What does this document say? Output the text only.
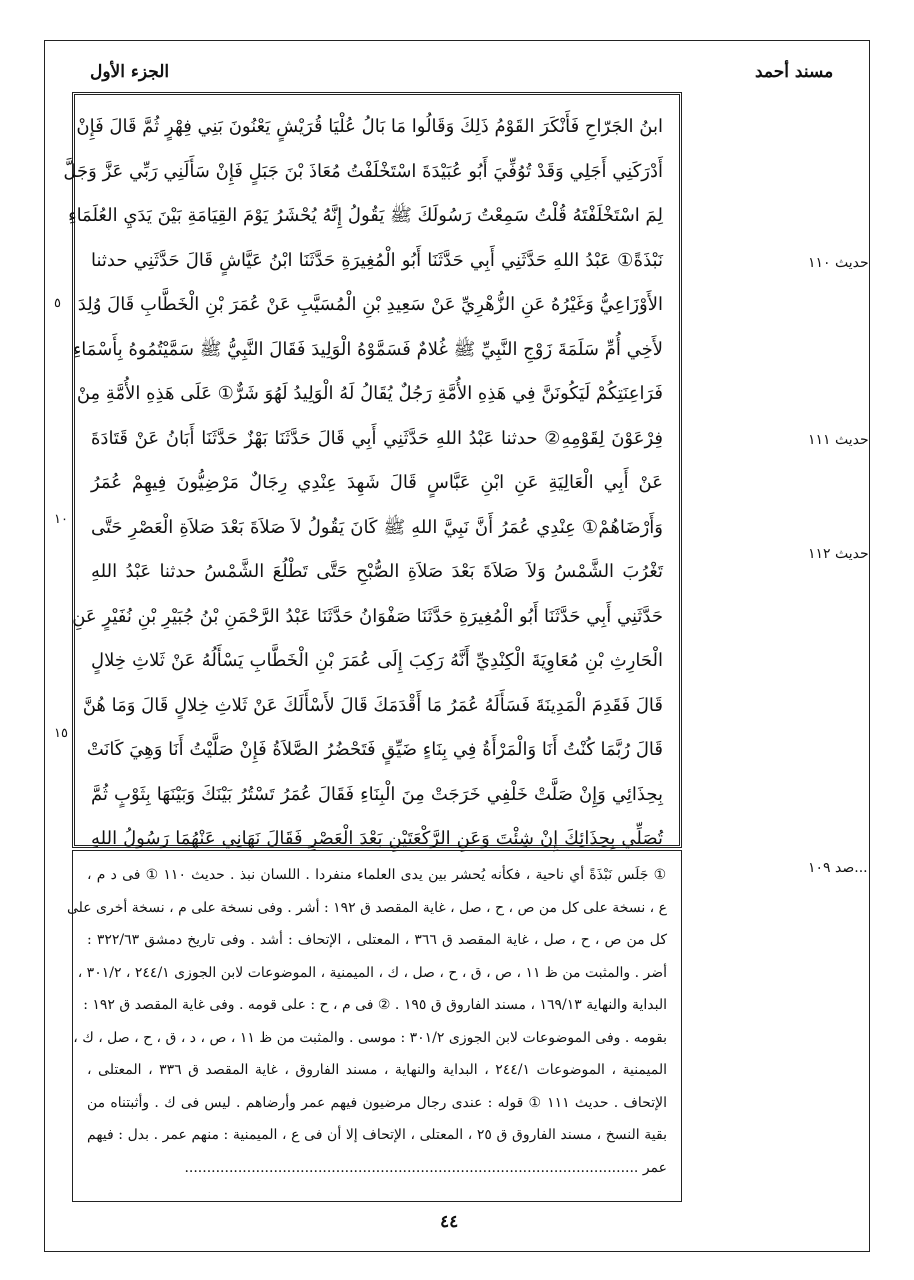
الجزء الأول	مسند أحمد
ابنُ الجَرّاحِ فَأَنْكَرَ القَوْمُ ذَلِكَ وَقَالُوا مَا بَالُ عُلْيَا قُرَيْشٍ يَعْنُونَ بَنِي فِهْرٍ ثُمَّ قَالَ فَإِنْ
أَدْرَكَنِي أَجَلِي وَقَدْ تُوُفِّيَ أَبُو عُبَيْدَةَ اسْتَخْلَفْتُ مُعَاذَ بْنَ جَبَلٍ فَإِنْ سَأَلَنِي رَبِّي عَزَّ وَجَلَّ
لِمَ اسْتَخْلَفْتَهُ قُلْتُ سَمِعْتُ رَسُولَكَ ﷺ يَقُولُ إِنَّهُ يُحْشَرُ يَوْمَ القِيَامَةِ بَيْنَ يَدَيِ العُلَمَاءِ
نَبْذَةً① عَبْدُ اللهِ حَدَّثَنِي أَبِي حَدَّثَنَا أَبُو الْمُغِيرَةِ حَدَّثَنَا ابْنُ عَيَّاشٍ قَالَ حَدَّثَنِي حدثنا
الأَوْزَاعِيُّ وَغَيْرُهُ عَنِ الزُّهْرِيِّ عَنْ سَعِيدِ بْنِ الْمُسَيَّبِ عَنْ عُمَرَ بْنِ الْخَطَّابِ قَالَ وُلِدَ
لأَخِي أُمِّ سَلَمَةَ زَوْجِ النَّبِيِّ ﷺ غُلامٌ فَسَمَّوْهُ الْوَلِيدَ فَقَالَ النَّبِيُّ ﷺ سَمَّيْتُمُوهُ بِأَسْمَاءِ
فَرَاعِنَتِكُمْ لَيَكُونَنَّ فِي هَذِهِ الأُمَّةِ رَجُلٌ يُقَالُ لَهُ الْوَلِيدُ لَهُوَ شَرٌّ① عَلَى هَذِهِ الأُمَّةِ مِنْ
فِرْعَوْنَ لِقَوْمِهِ② حدثنا عَبْدُ اللهِ حَدَّثَنِي أَبِي قَالَ حَدَّثَنَا بَهْزٌ حَدَّثَنَا أَبَانُ عَنْ قَتَادَةَ
عَنْ أَبِي الْعَالِيَةِ عَنِ ابْنِ عَبَّاسٍ قَالَ شَهِدَ عِنْدِي رِجَالٌ مَرْضِيُّونَ فِيهِمْ عُمَرُ
وَأَرْضَاهُمْ① عِنْدِي عُمَرُ أَنَّ نَبِيَّ اللهِ ﷺ كَانَ يَقُولُ لاَ صَلاَةَ بَعْدَ صَلاَةِ الْعَصْرِ حَتَّى
تَغْرُبَ الشَّمْسُ وَلاَ صَلاَةَ بَعْدَ صَلاَةِ الصُّبْحِ حَتَّى تَطْلُعَ الشَّمْسُ حدثنا عَبْدُ اللهِ
حَدَّثَنِي أَبِي حَدَّثَنَا أَبُو الْمُغِيرَةِ حَدَّثَنَا صَفْوَانُ حَدَّثَنَا عَبْدُ الرَّحْمَنِ بْنُ جُبَيْرِ بْنِ نُفَيْرٍ عَنِ
الْحَارِثِ بْنِ مُعَاوِيَةَ الْكِنْدِيِّ أَنَّهُ رَكِبَ إِلَى عُمَرَ بْنِ الْخَطَّابِ يَسْأَلُهُ عَنْ ثَلاثِ خِلالٍ
قَالَ فَقَدِمَ الْمَدِينَةَ فَسَأَلَهُ عُمَرُ مَا أَقْدَمَكَ قَالَ لأَسْأَلَكَ عَنْ ثَلاثِ خِلالٍ قَالَ وَمَا هُنَّ
قَالَ رُبَّمَا كُنْتُ أَنَا وَالْمَرْأَةُ فِي بِنَاءٍ ضَيِّقٍ فَتَحْضُرُ الصَّلاَةُ فَإِنْ صَلَّيْتُ أَنَا وَهِيَ كَانَتْ
بِحِذَائِي وَإِنْ صَلَّتْ خَلْفِي خَرَجَتْ مِنَ الْبِنَاءِ فَقَالَ عُمَرُ تَسْتُرُ بَيْنَكَ وَبَيْنَهَا بِثَوْبٍ ثُمَّ
تُصَلِّي بِحِذَائِكَ إِنْ شِئْتَ وَعَنِ الرَّكْعَتَيْنِ بَعْدَ الْعَصْرِ فَقَالَ نَهَانِي عَنْهُمَا رَسُولُ اللهِ
حديث ١١٠
حديث ١١١
حديث ١١٢
...صد ١٠٩
٥
١٠
١٥
① جَلَس نَبْذَةً أي ناحية ، فكأنه يُحشر بين يدى العلماء منفردا . اللسان نبذ . حديث ١١٠ ① فى د م ،
ع ، نسخة على كل من ص ، ح ، صل ، غاية المقصد ق ١٩٢ : أشر . وفى نسخة على م ، نسخة أخرى على
كل من ص ، ح ، صل ، غاية المقصد ق ٣٦٦ ، المعتلى ، الإتحاف : أشد . وفى تاريخ دمشق ٣٢٢/٦٣ :
أضر . والمثبت من ظ ١١ ، ص ، ق ، ح ، صل ، ك ، الميمنية ، الموضوعات لابن الجوزى ٢٤٤/١ ، ٣٠١/٢ ،
البداية والنهاية ١٦٩/١٣ ، مسند الفاروق ق ١٩٥ . ② فى م ، ح : على قومه . وفى غاية المقصد ق ١٩٢ :
بقومه . وفى الموضوعات لابن الجوزى ٣٠١/٢ : موسى . والمثبت من ظ ١١ ، ص ، د ، ق ، ح ، صل ، ك ،
الميمنية ، الموضوعات ٢٤٤/١ ، البداية والنهاية ، مسند الفاروق ، غاية المقصد ق ٣٣٦ ، المعتلى ،
الإتحاف . حديث ١١١ ① قوله : عندى رجال مرضيون فيهم عمر وأرضاهم . ليس فى ك . وأثبتناه من
بقية النسخ ، مسند الفاروق ق ٢٥ ، المعتلى ، الإتحاف إلا أن فى ع ، الميمنية : منهم عمر . بدل : فيهم
عمر ......................................................................................................
٤٤
